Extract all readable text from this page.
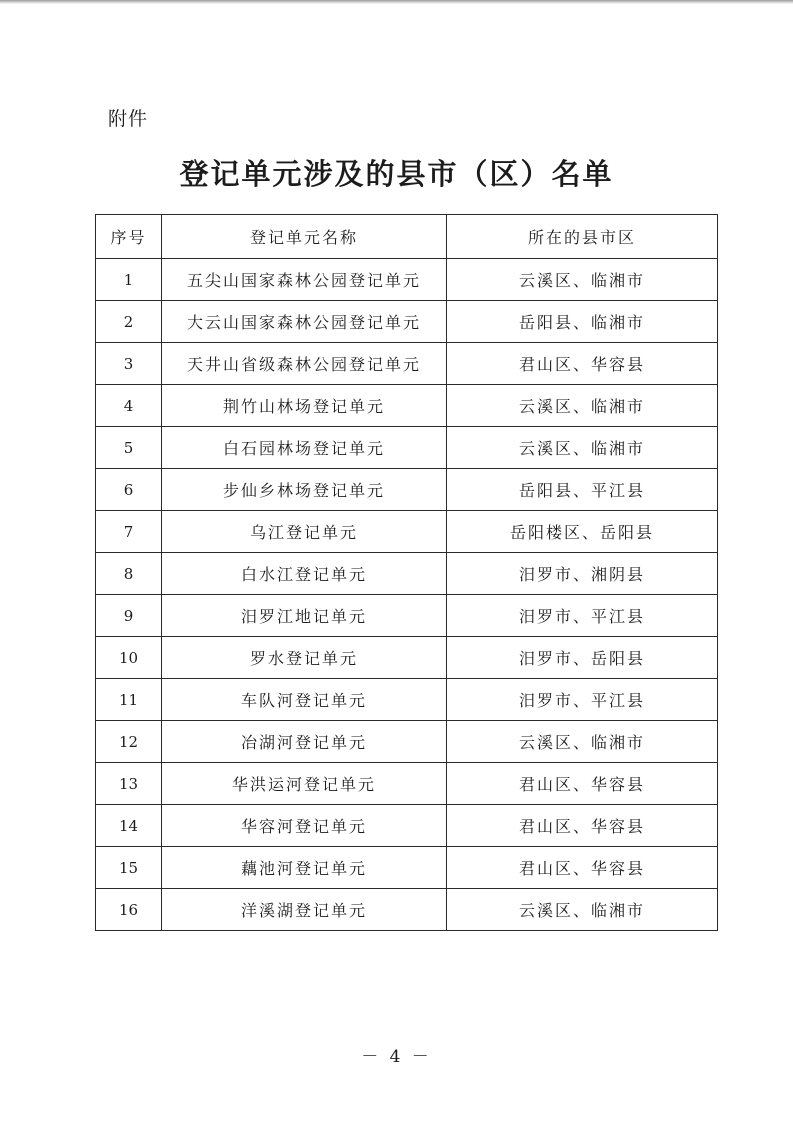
附件
登记单元涉及的县市（区）名单
序号	登记单元名称	所在的县市区
1	五尖山国家森林公园登记单元	云溪区、临湘市
2	大云山国家森林公园登记单元	岳阳县、临湘市
3	天井山省级森林公园登记单元	君山区、华容县
4	荆竹山林场登记单元	云溪区、临湘市
5	白石园林场登记单元	云溪区、临湘市
6	步仙乡林场登记单元	岳阳县、平江县
7	乌江登记单元	岳阳楼区、岳阳县
8	白水江登记单元	汨罗市、湘阴县
9	汨罗江地记单元	汨罗市、平江县
10	罗水登记单元	汨罗市、岳阳县
11	车队河登记单元	汨罗市、平江县
12	冶湖河登记单元	云溪区、临湘市
13	华洪运河登记单元	君山区、华容县
14	华容河登记单元	君山区、华容县
15	藕池河登记单元	君山区、华容县
16	洋溪湖登记单元	云溪区、临湘市
－ 4 －
